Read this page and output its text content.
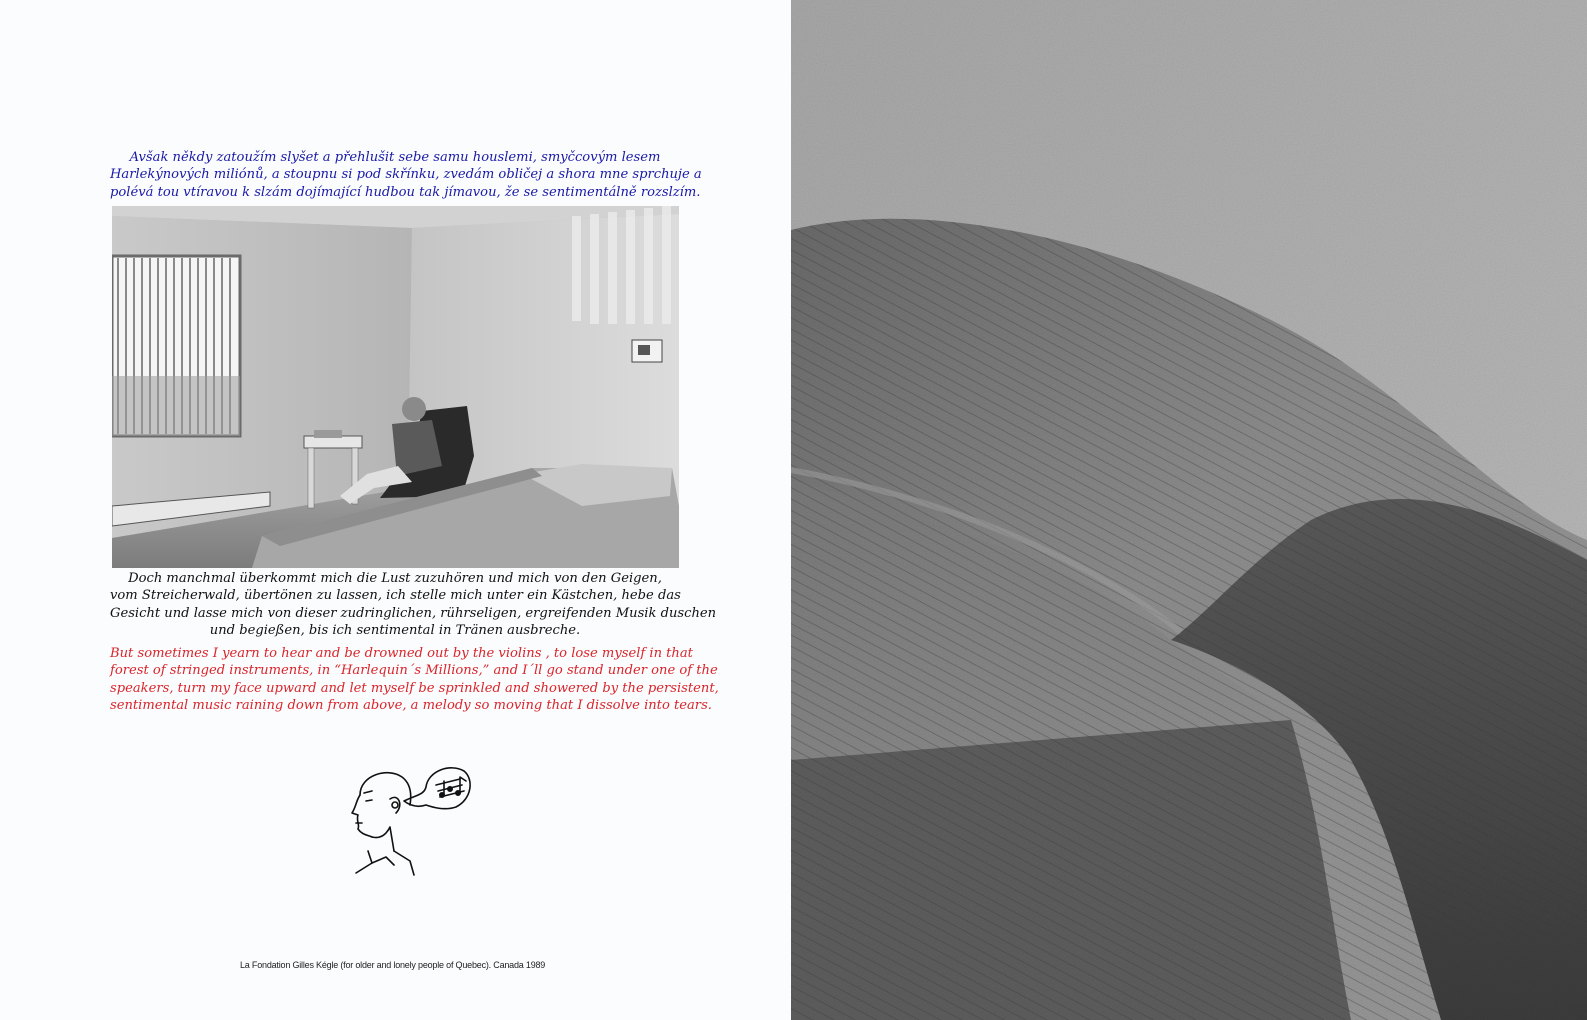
Avšak někdy zatoužím slyšet a přehlušit sebe samu houslemi, smyčcovým lesem
Harlekýnových miliónů, a stoupnu si pod skřínku, zvedám obličej a shora mne sprchuje a
polévá tou vtíravou k slzám dojímající hudbou tak jímavou, že se sentimentálně rozslzím.

Doch manchmal überkommt mich die Lust zuzuhören und mich von den Geigen,
vom Streicherwald, übertönen zu lassen, ich stelle mich unter ein Kästchen, hebe das
Gesicht und lasse mich von dieser zudringlichen, rührseligen, ergreifenden Musik duschen
und begießen, bis ich sentimental in Tränen ausbreche.

But sometimes I yearn to hear and be drowned out by the violins , to lose myself in that
forest of stringed instruments, in “Harlequin´s Millions,” and I´ll go stand under one of the
speakers, turn my face upward and let myself be sprinkled and showered by the persistent,
sentimental music raining down from above, a melody so moving that I dissolve into tears.

La Fondation Gilles Kégle (for older and lonely people of Quebec). Canada 1989
